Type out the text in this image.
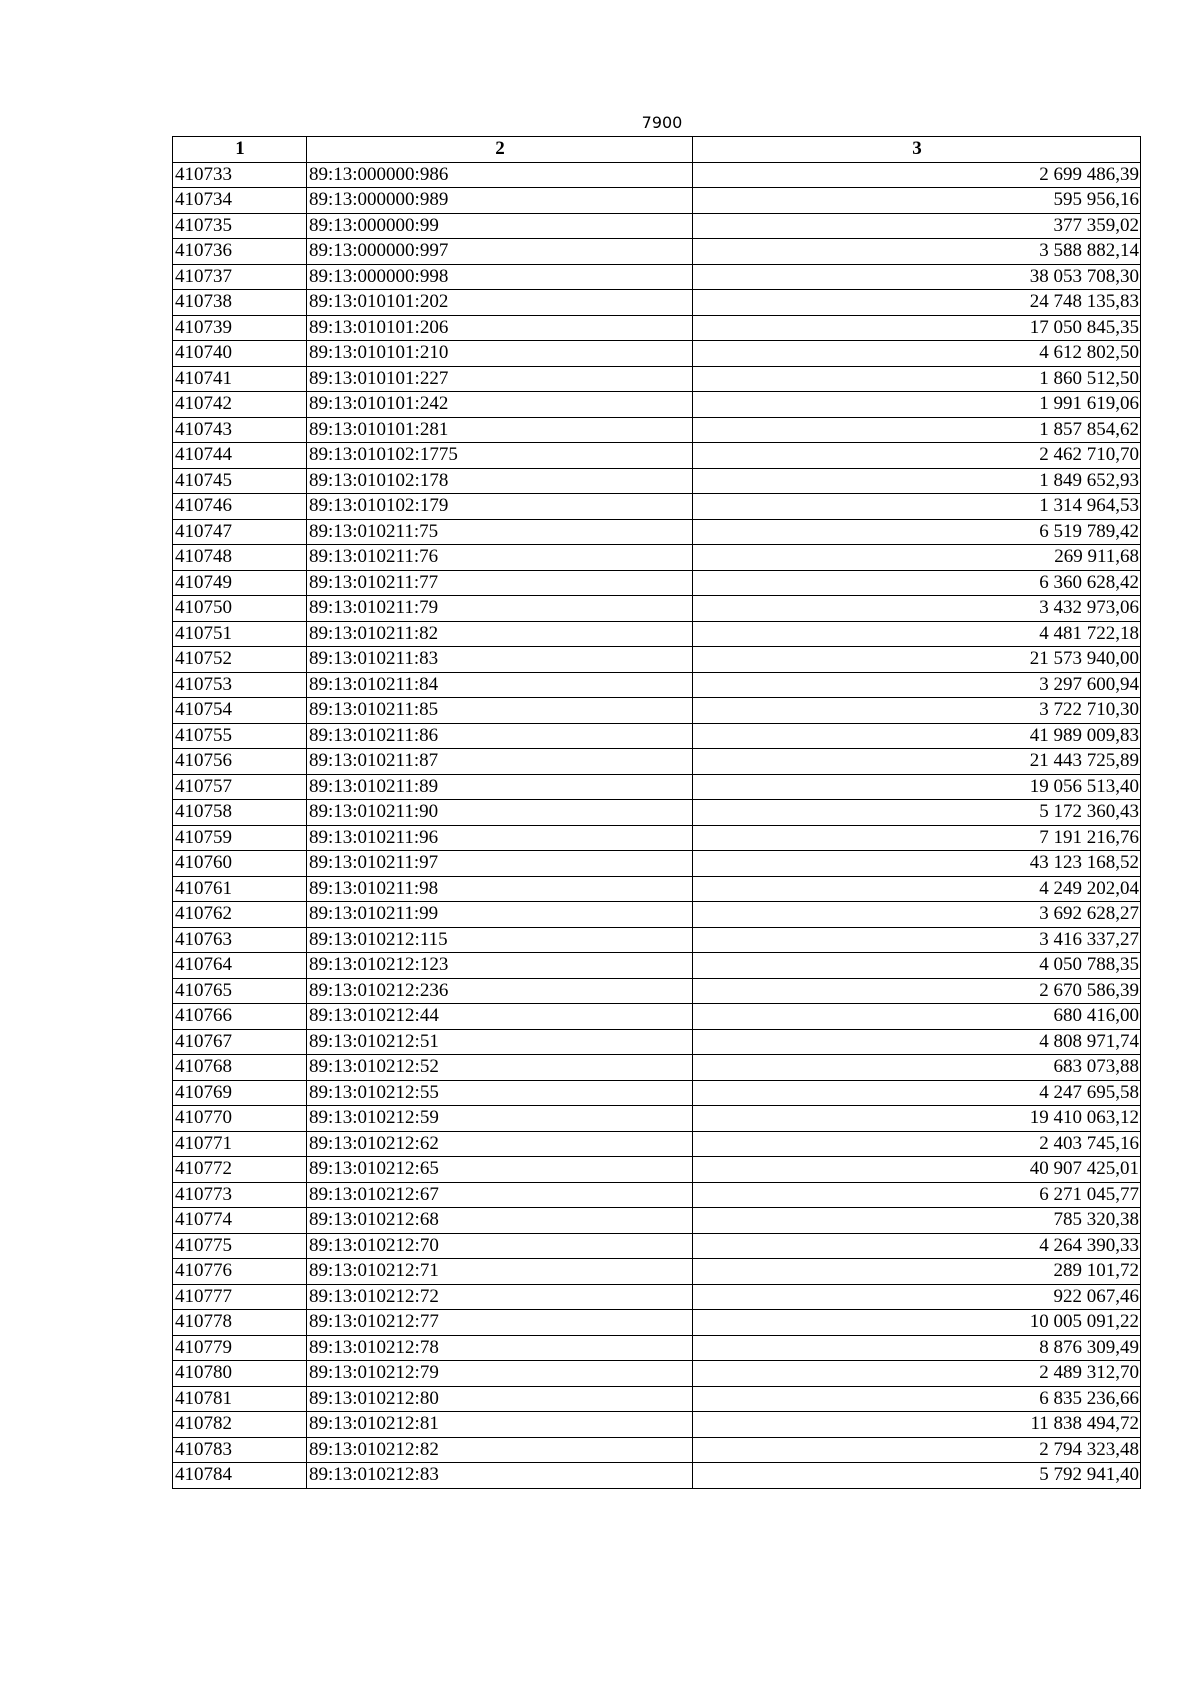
7900
1	2	3
410733	89:13:000000:986	2 699 486,39
410734	89:13:000000:989	595 956,16
410735	89:13:000000:99	377 359,02
410736	89:13:000000:997	3 588 882,14
410737	89:13:000000:998	38 053 708,30
410738	89:13:010101:202	24 748 135,83
410739	89:13:010101:206	17 050 845,35
410740	89:13:010101:210	4 612 802,50
410741	89:13:010101:227	1 860 512,50
410742	89:13:010101:242	1 991 619,06
410743	89:13:010101:281	1 857 854,62
410744	89:13:010102:1775	2 462 710,70
410745	89:13:010102:178	1 849 652,93
410746	89:13:010102:179	1 314 964,53
410747	89:13:010211:75	6 519 789,42
410748	89:13:010211:76	269 911,68
410749	89:13:010211:77	6 360 628,42
410750	89:13:010211:79	3 432 973,06
410751	89:13:010211:82	4 481 722,18
410752	89:13:010211:83	21 573 940,00
410753	89:13:010211:84	3 297 600,94
410754	89:13:010211:85	3 722 710,30
410755	89:13:010211:86	41 989 009,83
410756	89:13:010211:87	21 443 725,89
410757	89:13:010211:89	19 056 513,40
410758	89:13:010211:90	5 172 360,43
410759	89:13:010211:96	7 191 216,76
410760	89:13:010211:97	43 123 168,52
410761	89:13:010211:98	4 249 202,04
410762	89:13:010211:99	3 692 628,27
410763	89:13:010212:115	3 416 337,27
410764	89:13:010212:123	4 050 788,35
410765	89:13:010212:236	2 670 586,39
410766	89:13:010212:44	680 416,00
410767	89:13:010212:51	4 808 971,74
410768	89:13:010212:52	683 073,88
410769	89:13:010212:55	4 247 695,58
410770	89:13:010212:59	19 410 063,12
410771	89:13:010212:62	2 403 745,16
410772	89:13:010212:65	40 907 425,01
410773	89:13:010212:67	6 271 045,77
410774	89:13:010212:68	785 320,38
410775	89:13:010212:70	4 264 390,33
410776	89:13:010212:71	289 101,72
410777	89:13:010212:72	922 067,46
410778	89:13:010212:77	10 005 091,22
410779	89:13:010212:78	8 876 309,49
410780	89:13:010212:79	2 489 312,70
410781	89:13:010212:80	6 835 236,66
410782	89:13:010212:81	11 838 494,72
410783	89:13:010212:82	2 794 323,48
410784	89:13:010212:83	5 792 941,40
